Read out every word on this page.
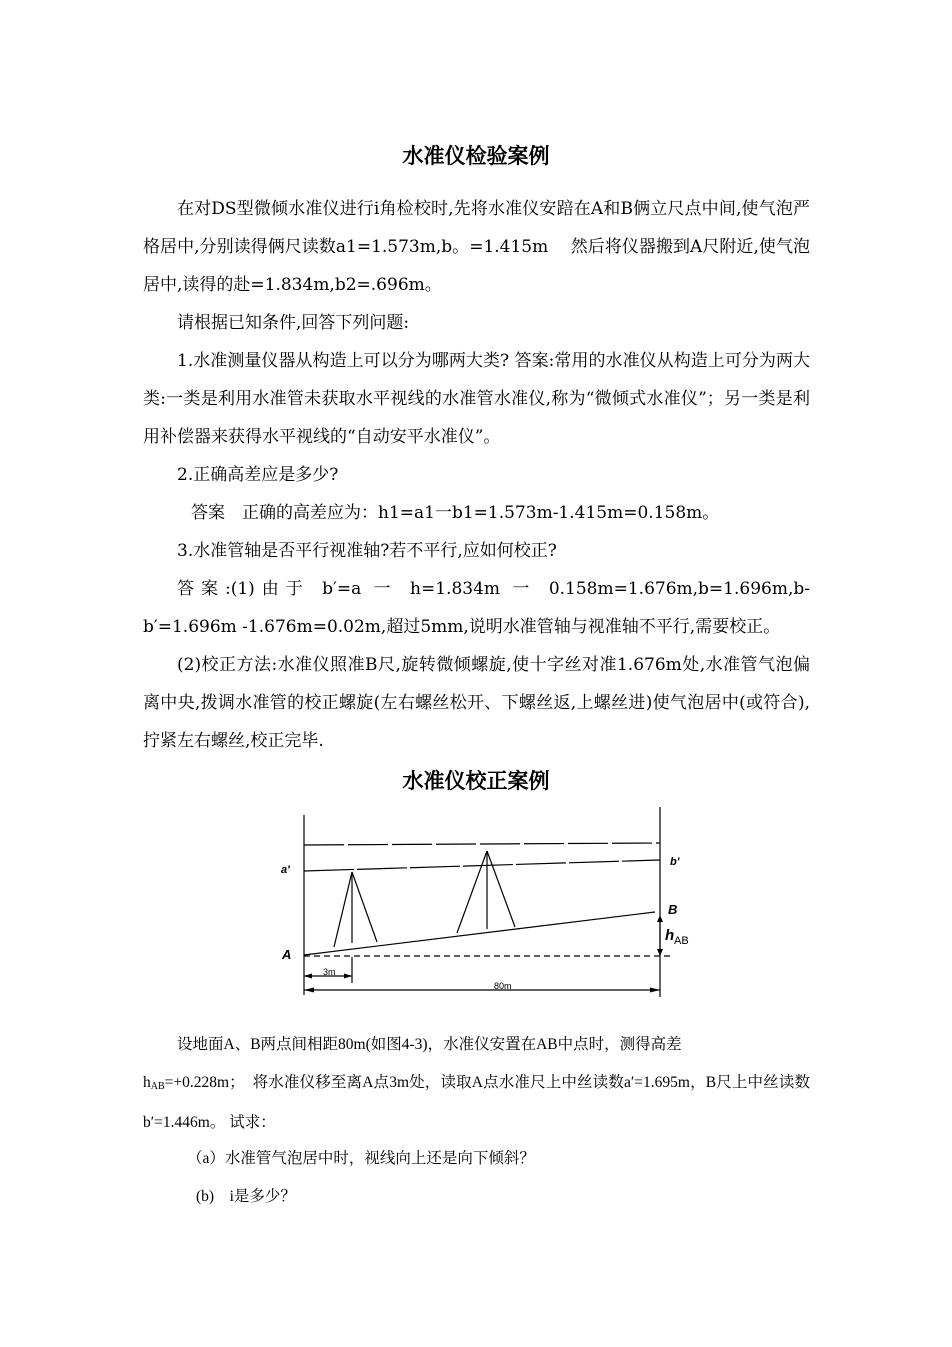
水准仪检验案例

在对DS型微倾水准仪进行i角检校时,先将水准仪安踣在A和B俩立尺点中间,使气泡严格居中,分别读得俩尺读数a1=1.573m,b。=1.415m　 然后将仪器搬到A尺附近,使气泡居中,读得的赴=1.834m,b2=.696m。

请根据已知条件,回答下列问题:

1.水准测量仪器从构造上可以分为哪两大类? 答案:常用的水准仪从构造上可分为两大类:一类是利用水准管未获取水平视线的水准管水准仪,称为“微倾式水准仪”；另一类是利用补偿器来获得水平视线的“自动安平水准仪”。

2.正确高差应是多少?

答案　正确的高差应为：h1=a1一b1=1.573m-1.415m=0.158m。

3.水准管轴是否平行视准轴?若不平行,应如何校正?

答案:(1)由于 b′=a 一 h=1.834m 一 0.158m=1.676m,b=1.696m,b-b′=1.696m -1.676m=0.02m,超过5mm,说明水准管轴与视准轴不平行,需要校正。

(2)校正方法:水准仪照准B尺,旋转微倾螺旋,使十字丝对准1.676m处,水准管气泡偏离中央,拨调水准管的校正螺旋(左右螺丝松开、下螺丝返,上螺丝进)使气泡居中(或符合),拧紧左右螺丝,校正完毕.

水准仪校正案例
a′
b′
A
B
h AB
3m
80m

设地面A、B两点间相距80m(如图4-3)，水准仪安置在AB中点时，测得高差

$h_{AB}=+0.228m$；　将水准仪移至离A点3m处，读取A点水准尺上中丝读数a′=1.695m，B尺上中丝读数b′=1.446m。 试求：

（a）水准管气泡居中时，视线向上还是向下倾斜？

(b)　i是多少？
